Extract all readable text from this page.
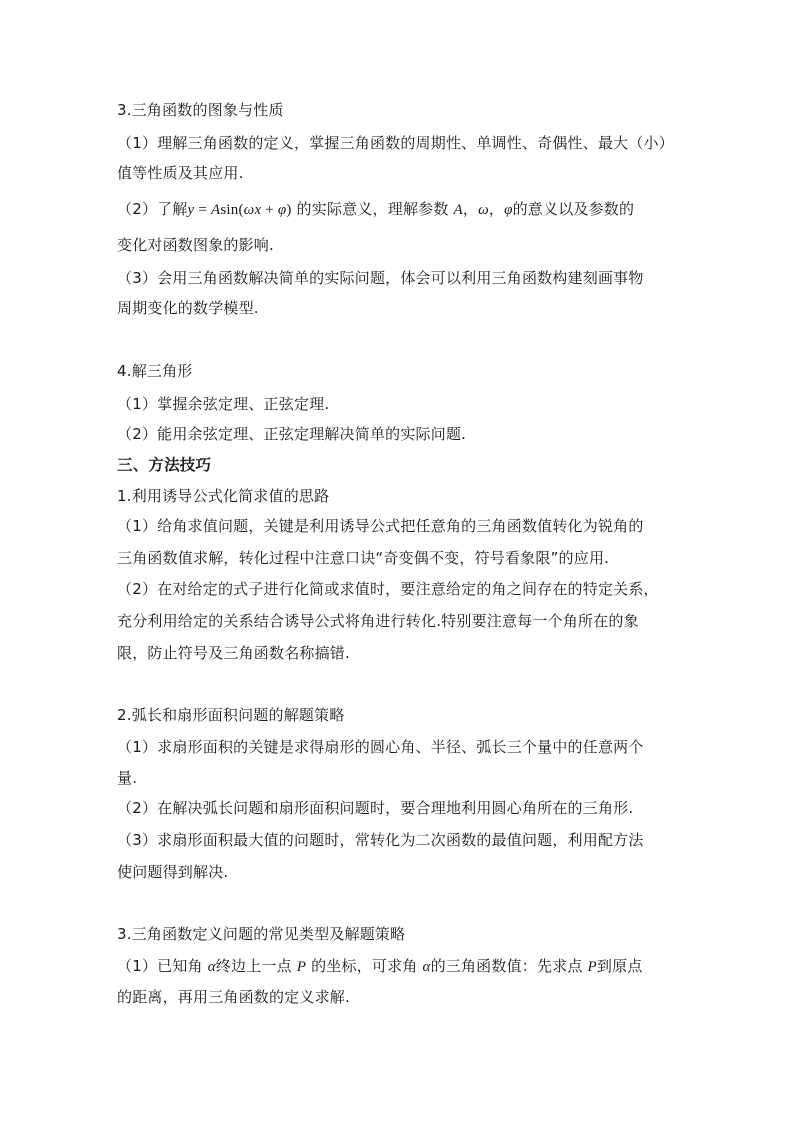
3.三角函数的图象与性质
（1）理解三角函数的定义，掌握三角函数的周期性、单调性、奇偶性、最大（小）
值等性质及其应用.
（2）了解y = Asin(ωx + φ) 的实际意义，理解参数 A，ω，φ的意义以及参数的
变化对函数图象的影响.
（3）会用三角函数解决简单的实际问题，体会可以利用三角函数构建刻画事物
周期变化的数学模型.
4.解三角形
（1）掌握余弦定理、正弦定理.
（2）能用余弦定理、正弦定理解决简单的实际问题.
三、方法技巧
1.利用诱导公式化简求值的思路
（1）给角求值问题，关键是利用诱导公式把任意角的三角函数值转化为锐角的
三角函数值求解，转化过程中注意口诀“奇变偶不变，符号看象限”的应用.
（2）在对给定的式子进行化简或求值时，要注意给定的角之间存在的特定关系，
充分利用给定的关系结合诱导公式将角进行转化.特别要注意每一个角所在的象
限，防止符号及三角函数名称搞错.
2.弧长和扇形面积问题的解题策略
（1）求扇形面积的关键是求得扇形的圆心角、半径、弧长三个量中的任意两个
量.
（2）在解决弧长问题和扇形面积问题时，要合理地利用圆心角所在的三角形.
（3）求扇形面积最大值的问题时，常转化为二次函数的最值问题，利用配方法
使问题得到解决.
3.三角函数定义问题的常见类型及解题策略
（1）已知角 α终边上一点 P 的坐标，可求角 α的三角函数值：先求点 P到原点
的距离，再用三角函数的定义求解.
